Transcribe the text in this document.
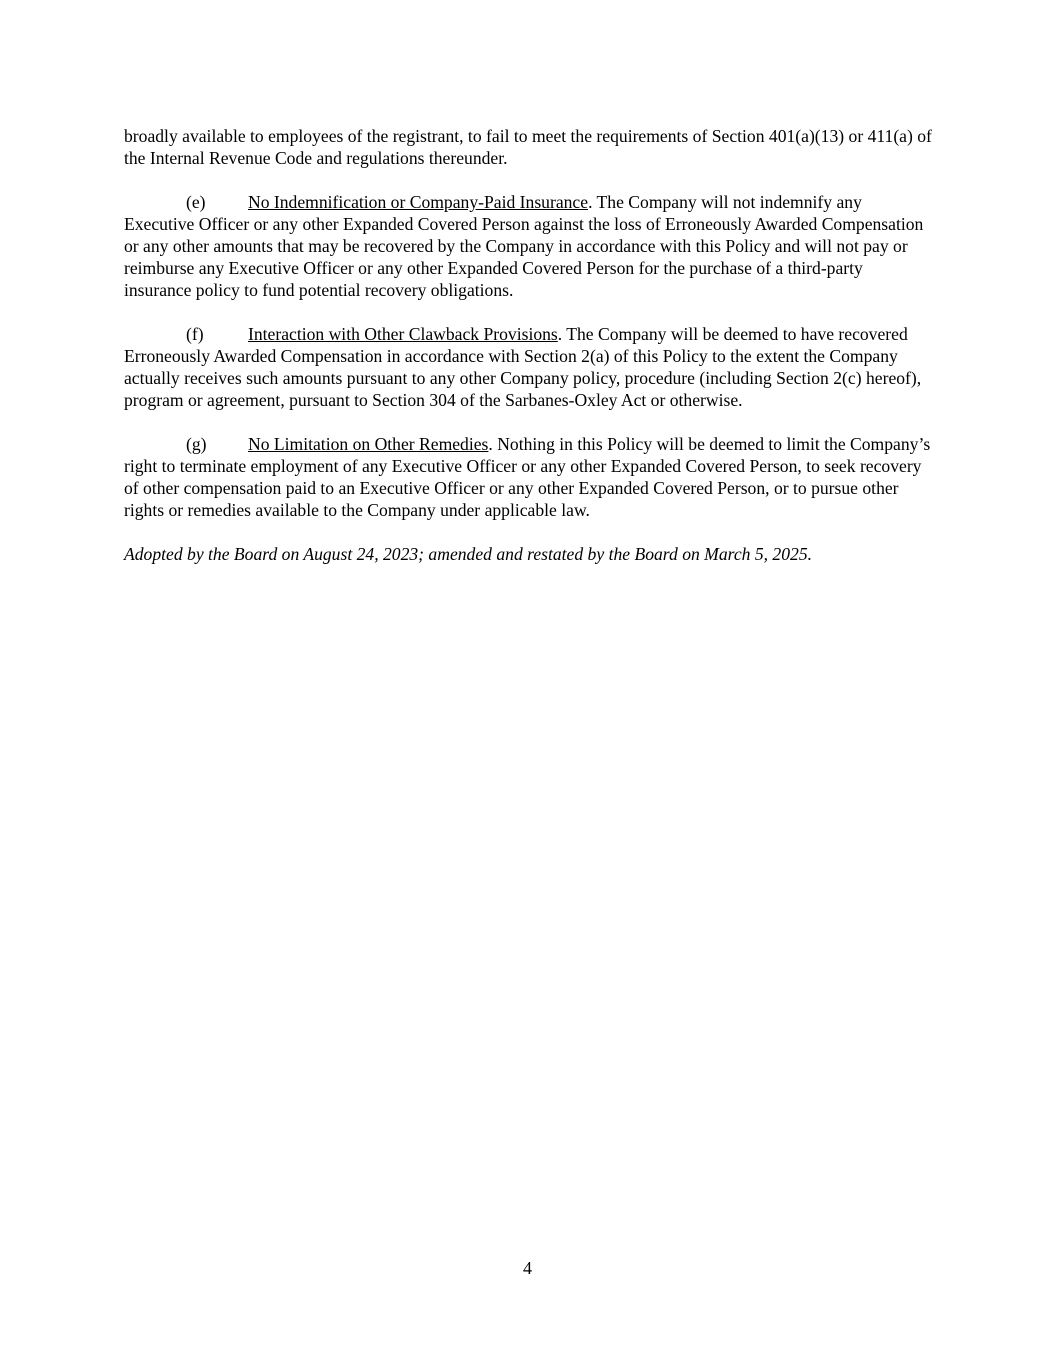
broadly available to employees of the registrant, to fail to meet the requirements of Section 401(a)(13) or 411(a) of the Internal Revenue Code and regulations thereunder.

(e) No Indemnification or Company-Paid Insurance. The Company will not indemnify any Executive Officer or any other Expanded Covered Person against the loss of Erroneously Awarded Compensation or any other amounts that may be recovered by the Company in accordance with this Policy and will not pay or reimburse any Executive Officer or any other Expanded Covered Person for the purchase of a third-party insurance policy to fund potential recovery obligations.

(f)	Interaction with Other Clawback Provisions. The Company will be deemed to have recovered Erroneously Awarded Compensation in accordance with Section 2(a) of this Policy to the extent the Company actually receives such amounts pursuant to any other Company policy, procedure (including Section 2(c) hereof), program or agreement, pursuant to Section 304 of the Sarbanes-Oxley Act or otherwise.

(g) No Limitation on Other Remedies. Nothing in this Policy will be deemed to limit the Company’s right to terminate employment of any Executive Officer or any other Expanded Covered Person, to seek recovery of other compensation paid to an Executive Officer or any other Expanded Covered Person, or to pursue other rights or remedies available to the Company under applicable law.

Adopted by the Board on August 24, 2023; amended and restated by the Board on March 5, 2025.

4
